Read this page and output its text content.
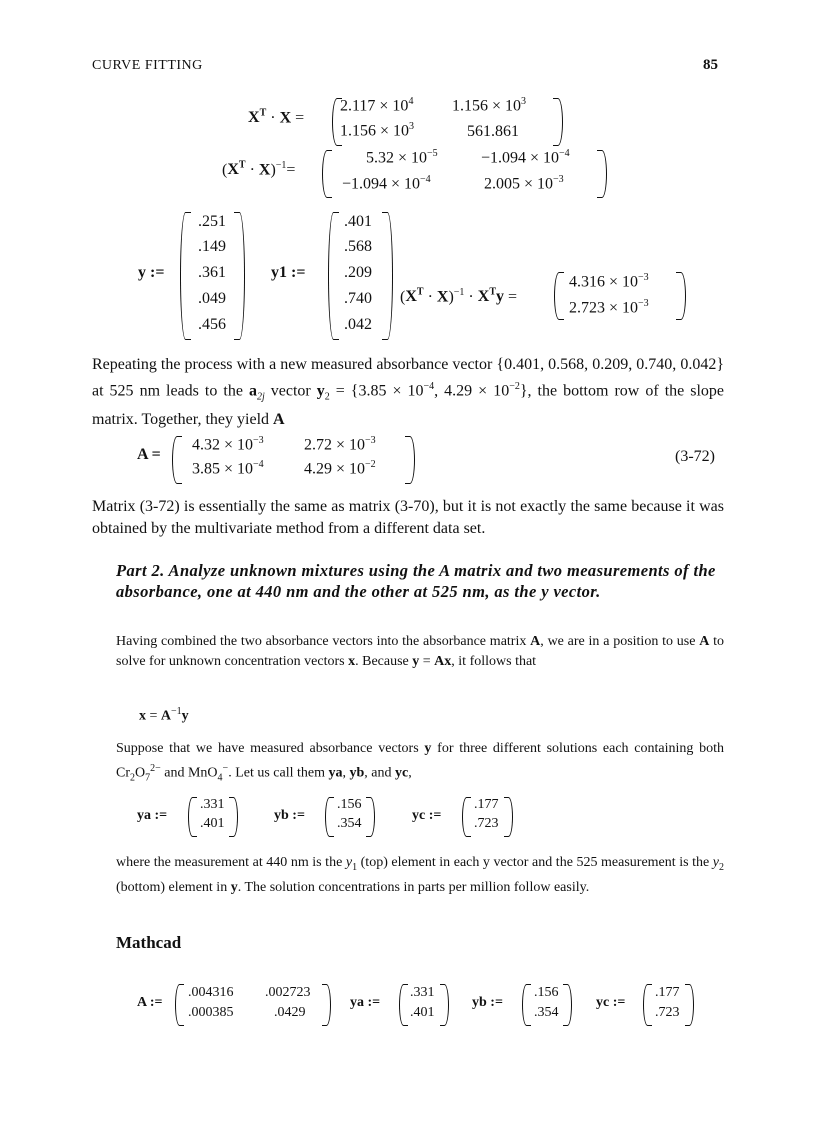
CURVE FITTING	85
$X^T \cdot X$ =
$2.117 \times 10^4$ $1.156 \times 10^3$
$1.156 \times 10^3$	561.861
$(X^T \cdot X)^{-1}=$
$5.32 \times 10^{-5}$	$-1.094 \times 10^{-4}$
$-1.094 \times 10^{-4}$	$2.005 \times 10^{-3}$
y :=
.251
.149
.361
.049
.456
y1 :=
.401
.568
.209
.740
.042
$(X^T \cdot X)^{-1} \cdot X^Ty$ =
$4.316 \times 10^{-3}$
$2.723 \times 10^{-3}$
Repeating the process with a new measured absorbance vector {0.401, 0.568, 0.209, 0.740, 0.042} at 525 nm leads to the $a_{2j}$ vector $y_2 = \{3.85 \times 10^{-4}$, $4.29 \times 10^{-2}$}, the bottom row of the slope matrix. Together, they yield A
A =
$4.32 \times 10^{-3}$	$2.72 \times 10^{-3}$
$3.85 \times 10^{-4}$	$4.29 \times 10^{-2}$	(3-72)
Matrix (3-72) is essentially the same as matrix (3-70), but it is not exactly the same because it was obtained by the multivariate method from a different data set.
Part 2. Analyze unknown mixtures using the A matrix and two measurements of the absorbance, one at 440 nm and the other at 525 nm, as the y vector.
Having combined the two absorbance vectors into the absorbance matrix A, we are in a position to use A to solve for unknown concentration vectors x. Because y = Ax, it follows that
$x = A^{-1}y$
Suppose that we have measured absorbance vectors y for three different solutions each containing both $Cr_2O_7^{2-}$ and MnO$_4$−. Let us call them ya, yb, and yc,
ya :=
.331
.401
yb :=
.156
.354
yc :=
.177
.723
where the measurement at 440 nm is the $y_1$ (top) element in each y vector and the 525 measurement is the $y_2$ (bottom) element in y. The solution concentrations in parts per million follow easily.
Mathcad
A :=
.004316 .002723
.000385	.0429
ya :=
.331
.401
yb :=
.156
.354
yc :=
.177
.723
